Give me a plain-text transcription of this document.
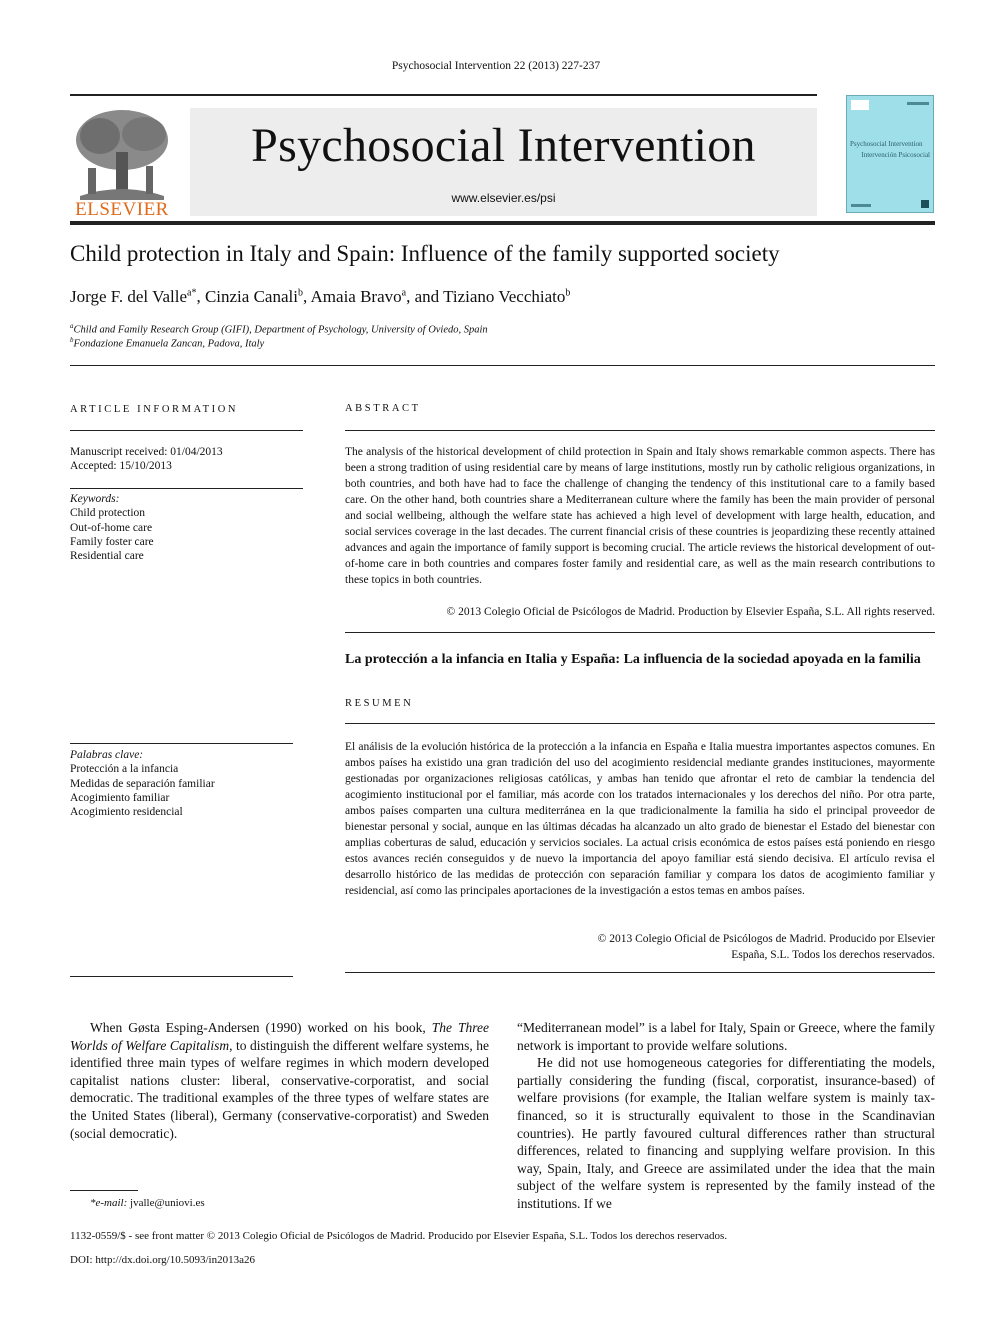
Psychosocial Intervention 22 (2013) 227-237
ELSEVIER
Psychosocial Intervention
www.elsevier.es/psi
Psychosocial Intervention
Intervención Psicosocial
Child protection in Italy and Spain: Influence of the family supported society
Jorge F. del Valle$^{a*}$, Cinzia Canali$^b$, Amaia Bravo$^a$, and Tiziano Vecchiato$^b$
$^a$Child and Family Research Group (GIFI), Department of Psychology, University of Oviedo, Spain
$^b$Fondazione Emanuela Zancan, Padova, Italy
ARTICLE INFORMATION
Manuscript received: 01/04/2013
Accepted: 15/10/2013
Keywords:
Child protection
Out-of-home care
Family foster care
Residential care
Palabras clave:
Protección a la infancia
Medidas de separación familiar
Acogimiento familiar
Acogimiento residencial
ABSTRACT
The analysis of the historical development of child protection in Spain and Italy shows remarkable common aspects. There has been a strong tradition of using residential care by means of large institutions, mostly run by catholic religious organizations, in both countries, and both have had to face the challenge of changing the tendency of this institutional care to a family based care. On the other hand, both countries share a Mediterranean culture where the family has been the main provider of personal and social wellbeing, although the welfare state has achieved a high level of development with large health, education, and social services coverage in the last decades. The current financial crisis of these countries is jeopardizing these recently attained advances and again the importance of family support is becoming crucial. The article reviews the historical development of out-of-home care in both countries and compares foster family and residential care, as well as the main research contributions to these topics in both countries.
© 2013 Colegio Oficial de Psicólogos de Madrid. Production by Elsevier España, S.L. All rights reserved.
La protección a la infancia en Italia y España: La influencia de la sociedad apoyada en la familia
RESUMEN
El análisis de la evolución histórica de la protección a la infancia en España e Italia muestra importantes aspectos comunes. En ambos países ha existido una gran tradición del uso del acogimiento residencial mediante grandes instituciones, mayormente gestionadas por organizaciones religiosas católicas, y ambas han tenido que afrontar el reto de cambiar la tendencia del acogimiento institucional por el familiar, más acorde con los tratados internacionales y los derechos del niño. Por otra parte, ambos países comparten una cultura mediterránea en la que tradicionalmente la familia ha sido el principal proveedor de bienestar personal y social, aunque en las últimas décadas ha alcanzado un alto grado de bienestar el Estado del bienestar con amplias coberturas de salud, educación y servicios sociales. La actual crisis económica de estos países está poniendo en riesgo estos avances recién conseguidos y de nuevo la importancia del apoyo familiar está siendo decisiva. El artículo revisa el desarrollo histórico de las medidas de protección con separación familiar y compara los datos de acogimiento familiar y residencial, así como las principales aportaciones de la investigación a estos temas en ambos países.
© 2013 Colegio Oficial de Psicólogos de Madrid. Producido por Elsevier España, S.L. Todos los derechos reservados.

When Gøsta Esping-Andersen (1990) worked on his book, The Three Worlds of Welfare Capitalism, to distinguish the different welfare systems, he identified three main types of welfare regimes in which modern developed capitalist nations cluster: liberal, conservative-corporatist, and social democratic. The traditional examples of the three types of welfare states are the United States (liberal), Germany (conservative-corporatist) and Sweden (social democratic).

“Mediterranean model” is a label for Italy, Spain or Greece, where the family network is important to provide welfare solutions.

He did not use homogeneous categories for differentiating the models, partially considering the funding (fiscal, corporatist, insurance-based) of welfare provisions (for example, the Italian welfare system is mainly tax-financed, so it is structurally equivalent to those in the Scandinavian countries). He partly favoured cultural differences rather than structural differences, related to financing and supplying welfare provision. In this way, Spain, Italy, and Greece are assimilated under the idea that the main subject of the welfare system is represented by the family instead of the institutions. If we

*e-mail: jvalle@uniovi.es
1132-0559/$ - see front matter © 2013 Colegio Oficial de Psicólogos de Madrid. Producido por Elsevier España, S.L. Todos los derechos reservados.
DOI: http://dx.doi.org/10.5093/in2013a26
